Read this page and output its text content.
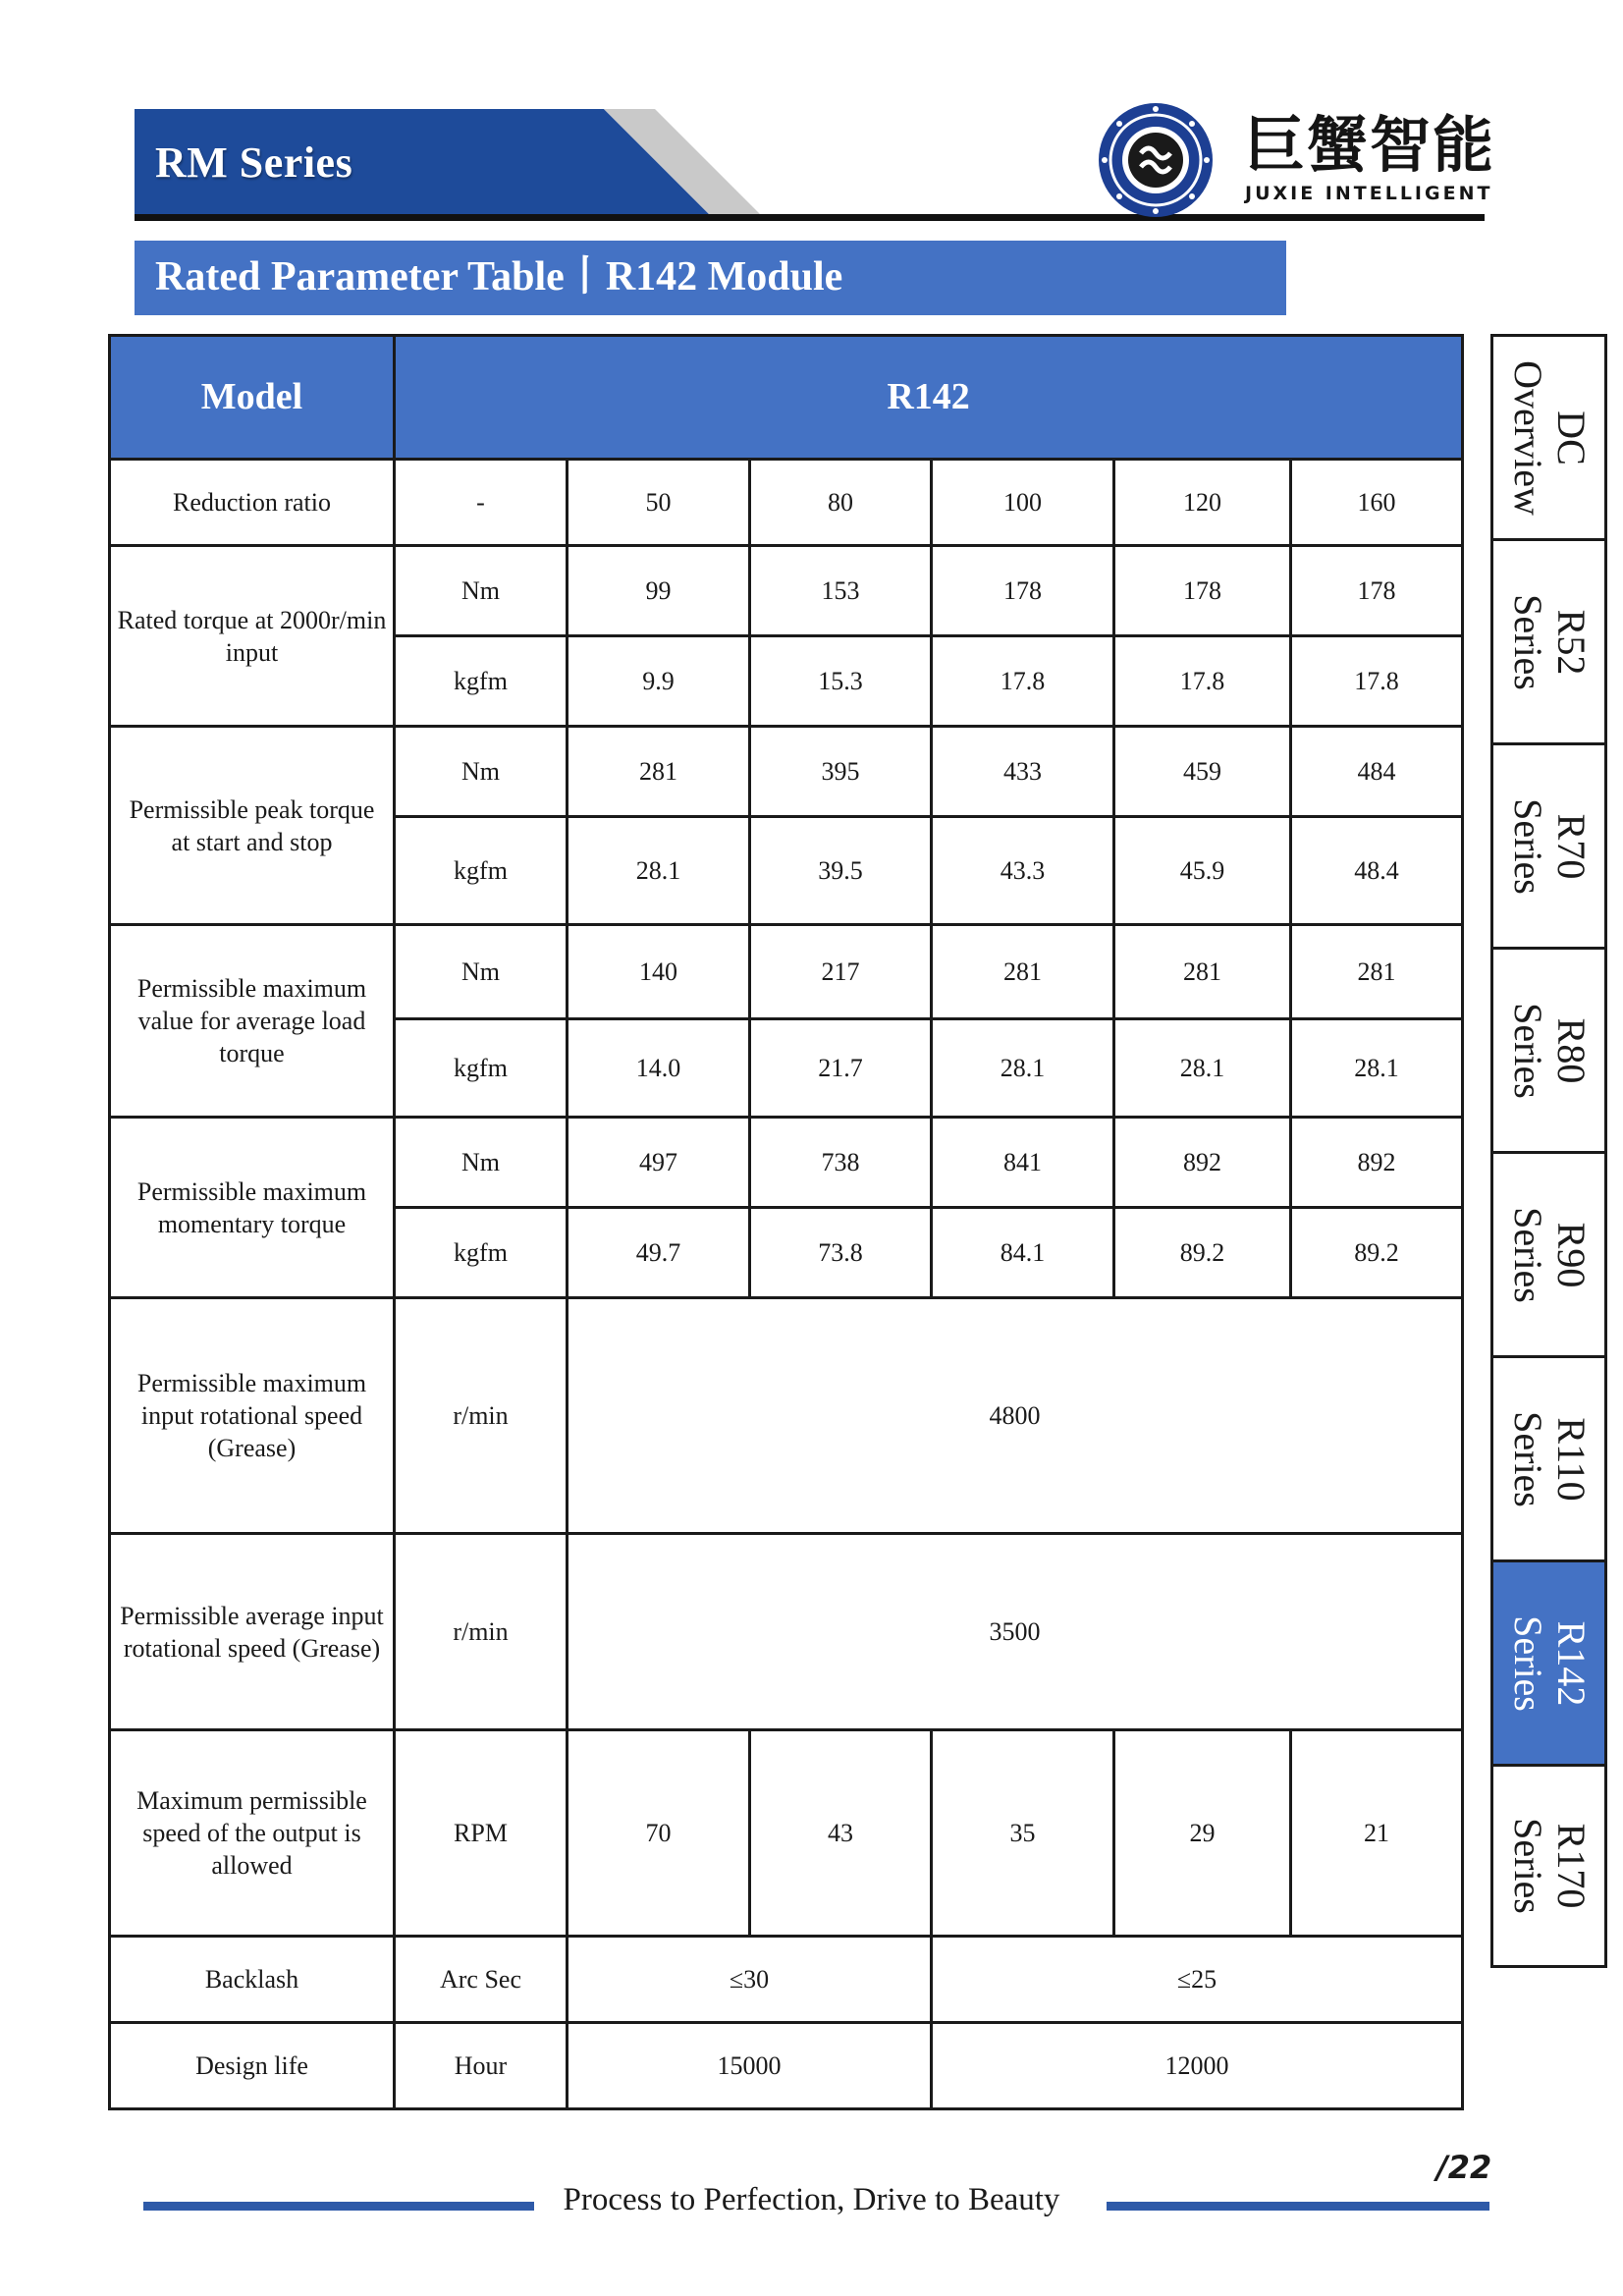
RM Series	巨蟹智能
JUXIE INTELLIGENT
Rated Parameter Table丨R142 Module
Model	R142					
Reduction ratio	-	50	80	100	120	160
Rated torque at 2000r/min input	Nm	99	153	178	178	178
	kgfm	9.9	15.3	17.8	17.8	17.8
Permissible peak torque at start and stop	Nm	281	395	433	459	484
	kgfm	28.1	39.5	43.3	45.9	48.4
Permissible maximum value for average load torque	Nm	140	217	281	281	281
	kgfm	14.0	21.7	28.1	28.1	28.1
Permissible maximum momentary torque	Nm	497	738	841	892	892
	kgfm	49.7	73.8	84.1	89.2	89.2
Permissible maximum input rotational speed (Grease)	r/min	4800				
Permissible average input rotational speed (Grease)	r/min	3500				
Maximum permissible speed of the output is allowed	RPM	70	43	35	29	21
Backlash	Arc Sec	≤30		≤25		
Design life	Hour	15000		12000		
DC
Overview
R52
Series
R70
Series
R80
Series
R90
Series
R110
Series
R142
Series
R170
Series
/22
Process to Perfection, Drive to Beauty
